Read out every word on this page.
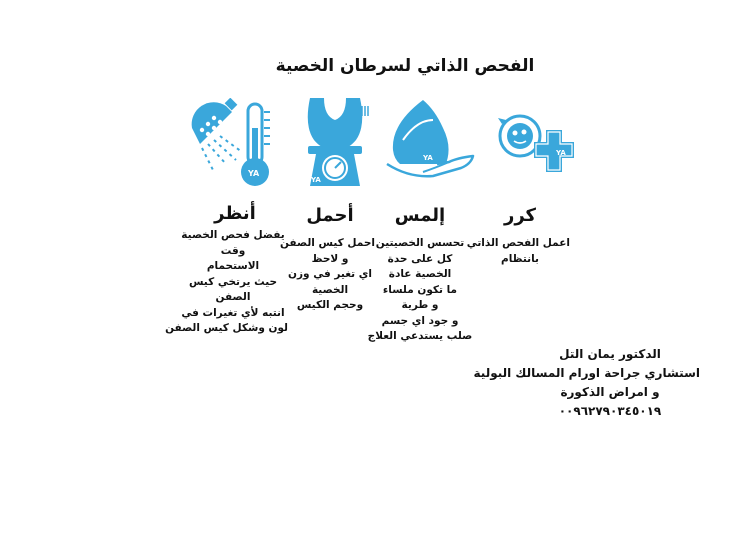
الفحص الذاتي لسرطان الخصية
YA
YA
YA
YA
أنظر	أحمل	إلمس	كرر
يفضل فحص الخصية
وقت
الاستحمام
حيث يرتخي كيس
الصفن
انتبه لأي تغيرات في
لون وشكل كيس الصفن
احمل كيس الصفن
و لاحظ
اي تغير في وزن
الخصية
وحجم الكيس
تحسس الخصيتين
كل على حدة
الخصية عادة
ما تكون ملساء
و طرية
و جود اي جسم
صلب يستدعي العلاج
اعمل الفحص الذاتي
بانتظام
الدكتور يمان التل
استشاري جراحة اورام المسالك البولية
و امراض الذكورة
٠٠٩٦٢٧٩٠٣٤٥٠١٩
